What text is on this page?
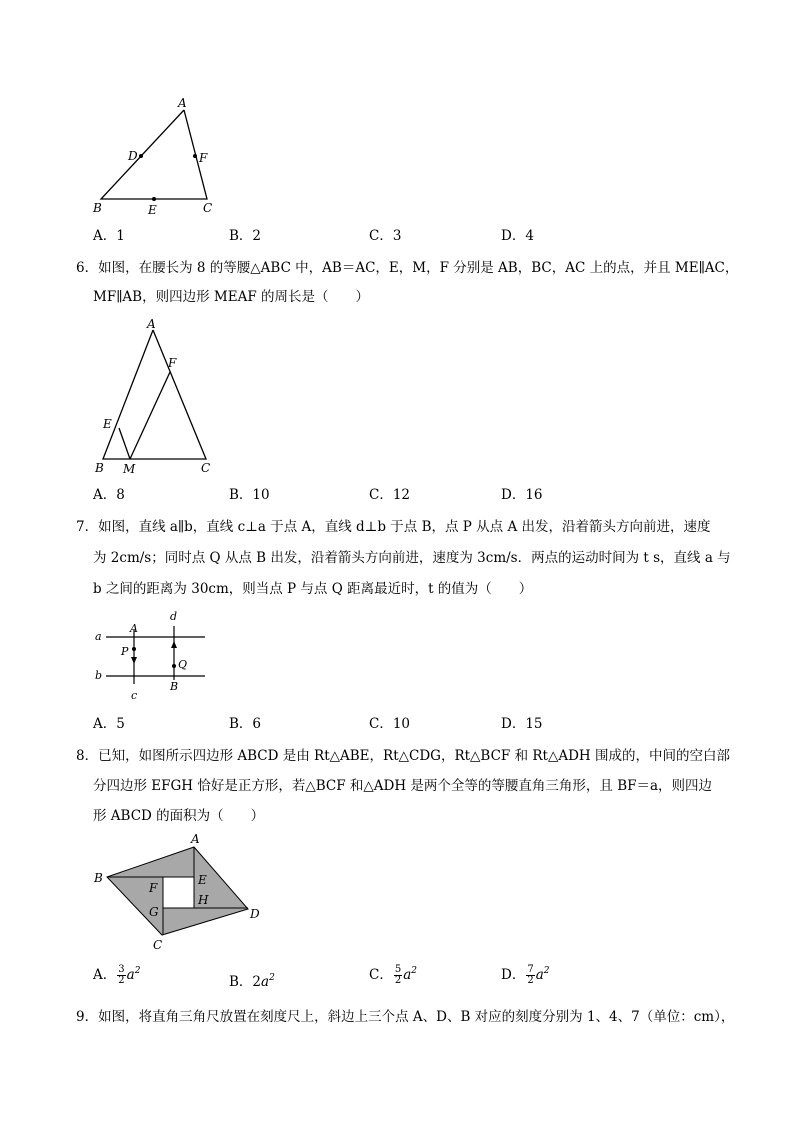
A
D	F
B	E	C
A．1	B．2	C．3	D．4
6．如图，在腰长为 8 的等腰△ABC 中，AB＝AC，E，M，F 分别是 AB，BC，AC 上的点，并且 ME∥AC，
MF∥AB，则四边形 MEAF 的周长是（　　）
A
F
E
B M	C
A．8	B．10	C．12	D．16
7．如图，直线 a∥b，直线 c⊥a 于点 A，直线 d⊥b 于点 B，点 P 从点 A 出发，沿着箭头方向前进，速度
为 2cm/s；同时点 Q 从点 B 出发，沿着箭头方向前进，速度为 3cm/s．两点的运动时间为 t s，直线 a 与
b 之间的距离为 30cm，则当点 P 与点 Q 距离最近时，t 的值为（　　）
d
a
A
P
Q
b
B
c
A．5	B．6	C．10	D．15
8．已知，如图所示四边形 ABCD 是由 Rt△ABE，Rt△CDG，Rt△BCF 和 Rt△ADH 围成的，中间的空白部
分四边形 EFGH 恰好是正方形，若△BCF 和△ADH 是两个全等的等腰直角三角形，且 BF＝a，则四边
形 ABCD 的面积为（　　）
A
B
F
E
G
H
D
C
A． $\frac{3}{2} a^2$
B．$2a^2$	C． $\frac{5}{2} a^2$	D． $\frac{7}{2} a^2$
9．如图，将直角三角尺放置在刻度尺上，斜边上三个点 A、D、B 对应的刻度分别为 1、4、7（单位：cm），
